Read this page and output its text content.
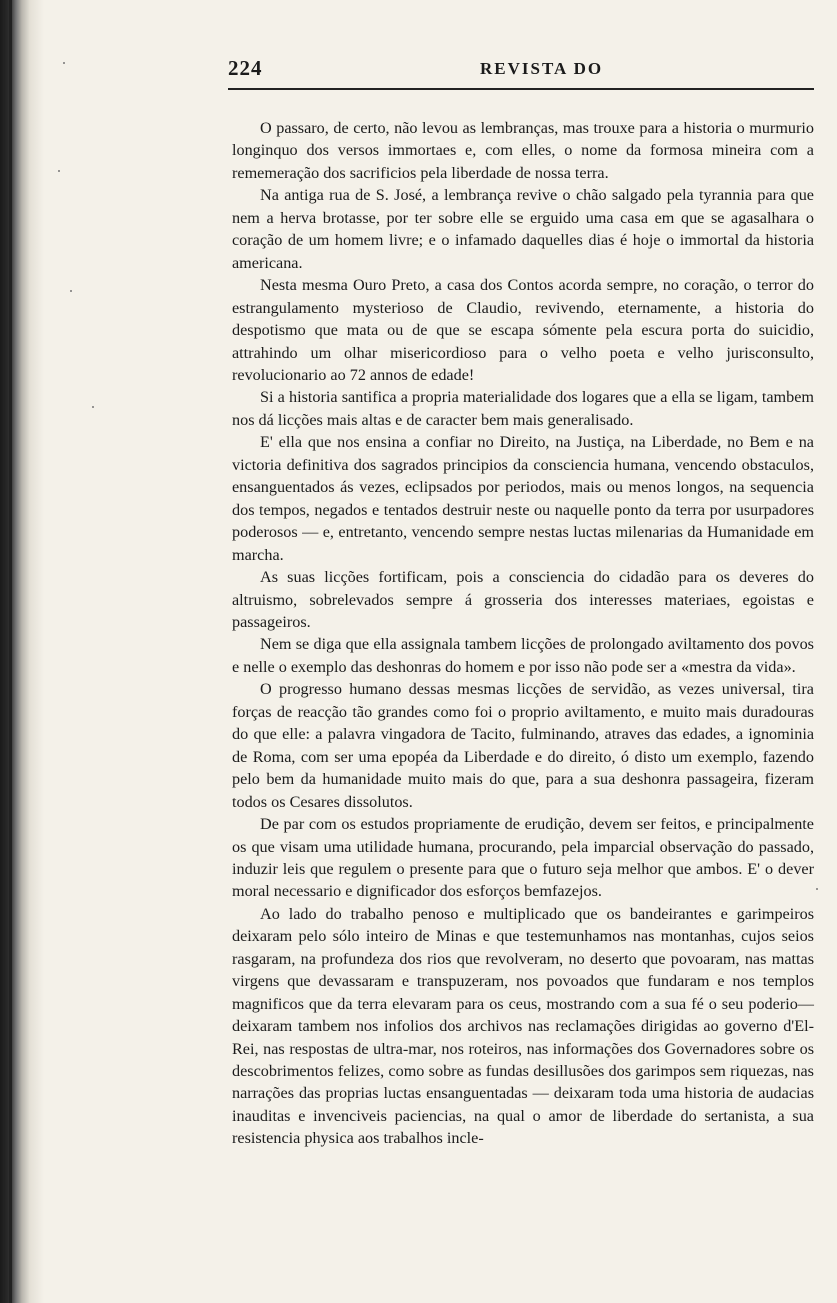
224	REVISTA DO

O passaro, de certo, não levou as lembranças, mas trouxe para a historia o murmurio longinquo dos versos immortaes e, com elles, o nome da formosa mineira com a rememeração dos sacrificios pela liberdade de nossa terra.

Na antiga rua de S. José, a lembrança revive o chão salgado pela tyrannia para que nem a herva brotasse, por ter sobre elle se erguido uma casa em que se agasalhara o coração de um homem livre; e o infamado daquelles dias é hoje o immortal da historia americana.

Nesta mesma Ouro Preto, a casa dos Contos acorda sempre, no coração, o terror do estrangulamento mysterioso de Claudio, revivendo, eternamente, a historia do despotismo que mata ou de que se escapa sómente pela escura porta do suicidio, attrahindo um olhar misericordioso para o velho poeta e velho jurisconsulto, revolucionario ao 72 annos de edade!

Si a historia santifica a propria materialidade dos logares que a ella se ligam, tambem nos dá licções mais altas e de caracter bem mais generalisado.

E' ella que nos ensina a confiar no Direito, na Justiça, na Liberdade, no Bem e na victoria definitiva dos sagrados principios da consciencia humana, vencendo obstaculos, ensanguentados ás vezes, eclipsados por periodos, mais ou menos longos, na sequencia dos tempos, negados e tentados destruir neste ou naquelle ponto da terra por usurpadores poderosos — e, entretanto, vencendo sempre nestas luctas milenarias da Humanidade em marcha.

As suas licções fortificam, pois a consciencia do cidadão para os deveres do altruismo, sobrelevados sempre á grosseria dos interesses materiaes, egoistas e passageiros.

Nem se diga que ella assignala tambem licções de prolongado aviltamento dos povos e nelle o exemplo das deshonras do homem e por isso não pode ser a «mestra da vida».

O progresso humano dessas mesmas licções de servidão, as vezes universal, tira forças de reacção tão grandes como foi o proprio aviltamento, e muito mais duradouras do que elle: a palavra vingadora de Tacito, fulminando, atraves das edades, a ignominia de Roma, com ser uma epopéa da Liberdade e do direito, ó disto um exemplo, fazendo pelo bem da humanidade muito mais do que, para a sua deshonra passageira, fizeram todos os Cesares dissolutos.

De par com os estudos propriamente de erudição, devem ser feitos, e principalmente os que visam uma utilidade humana, procurando, pela imparcial observação do passado, induzir leis que regulem o presente para que o futuro seja melhor que ambos. E' o dever moral necessario e dignificador dos esforços bemfazejos.

Ao lado do trabalho penoso e multiplicado que os bandeirantes e garimpeiros deixaram pelo sólo inteiro de Minas e que testemunhamos nas montanhas, cujos seios rasgaram, na profundeza dos rios que revolveram, no deserto que povoaram, nas mattas virgens que devassaram e transpuzeram, nos povoados que fundaram e nos templos magnificos que da terra elevaram para os ceus, mostrando com a sua fé o seu poderio—deixaram tambem nos infolios dos archivos nas reclamações dirigidas ao governo d'El-Rei, nas respostas de ultra-mar, nos roteiros, nas informações dos Governadores sobre os descobrimentos felizes, como sobre as fundas desillusões dos garimpos sem riquezas, nas narrações das proprias luctas ensanguentadas — deixaram toda uma historia de audacias inauditas e invenciveis paciencias, na qual o amor de liberdade do sertanista, a sua resistencia physica aos trabalhos incle-
